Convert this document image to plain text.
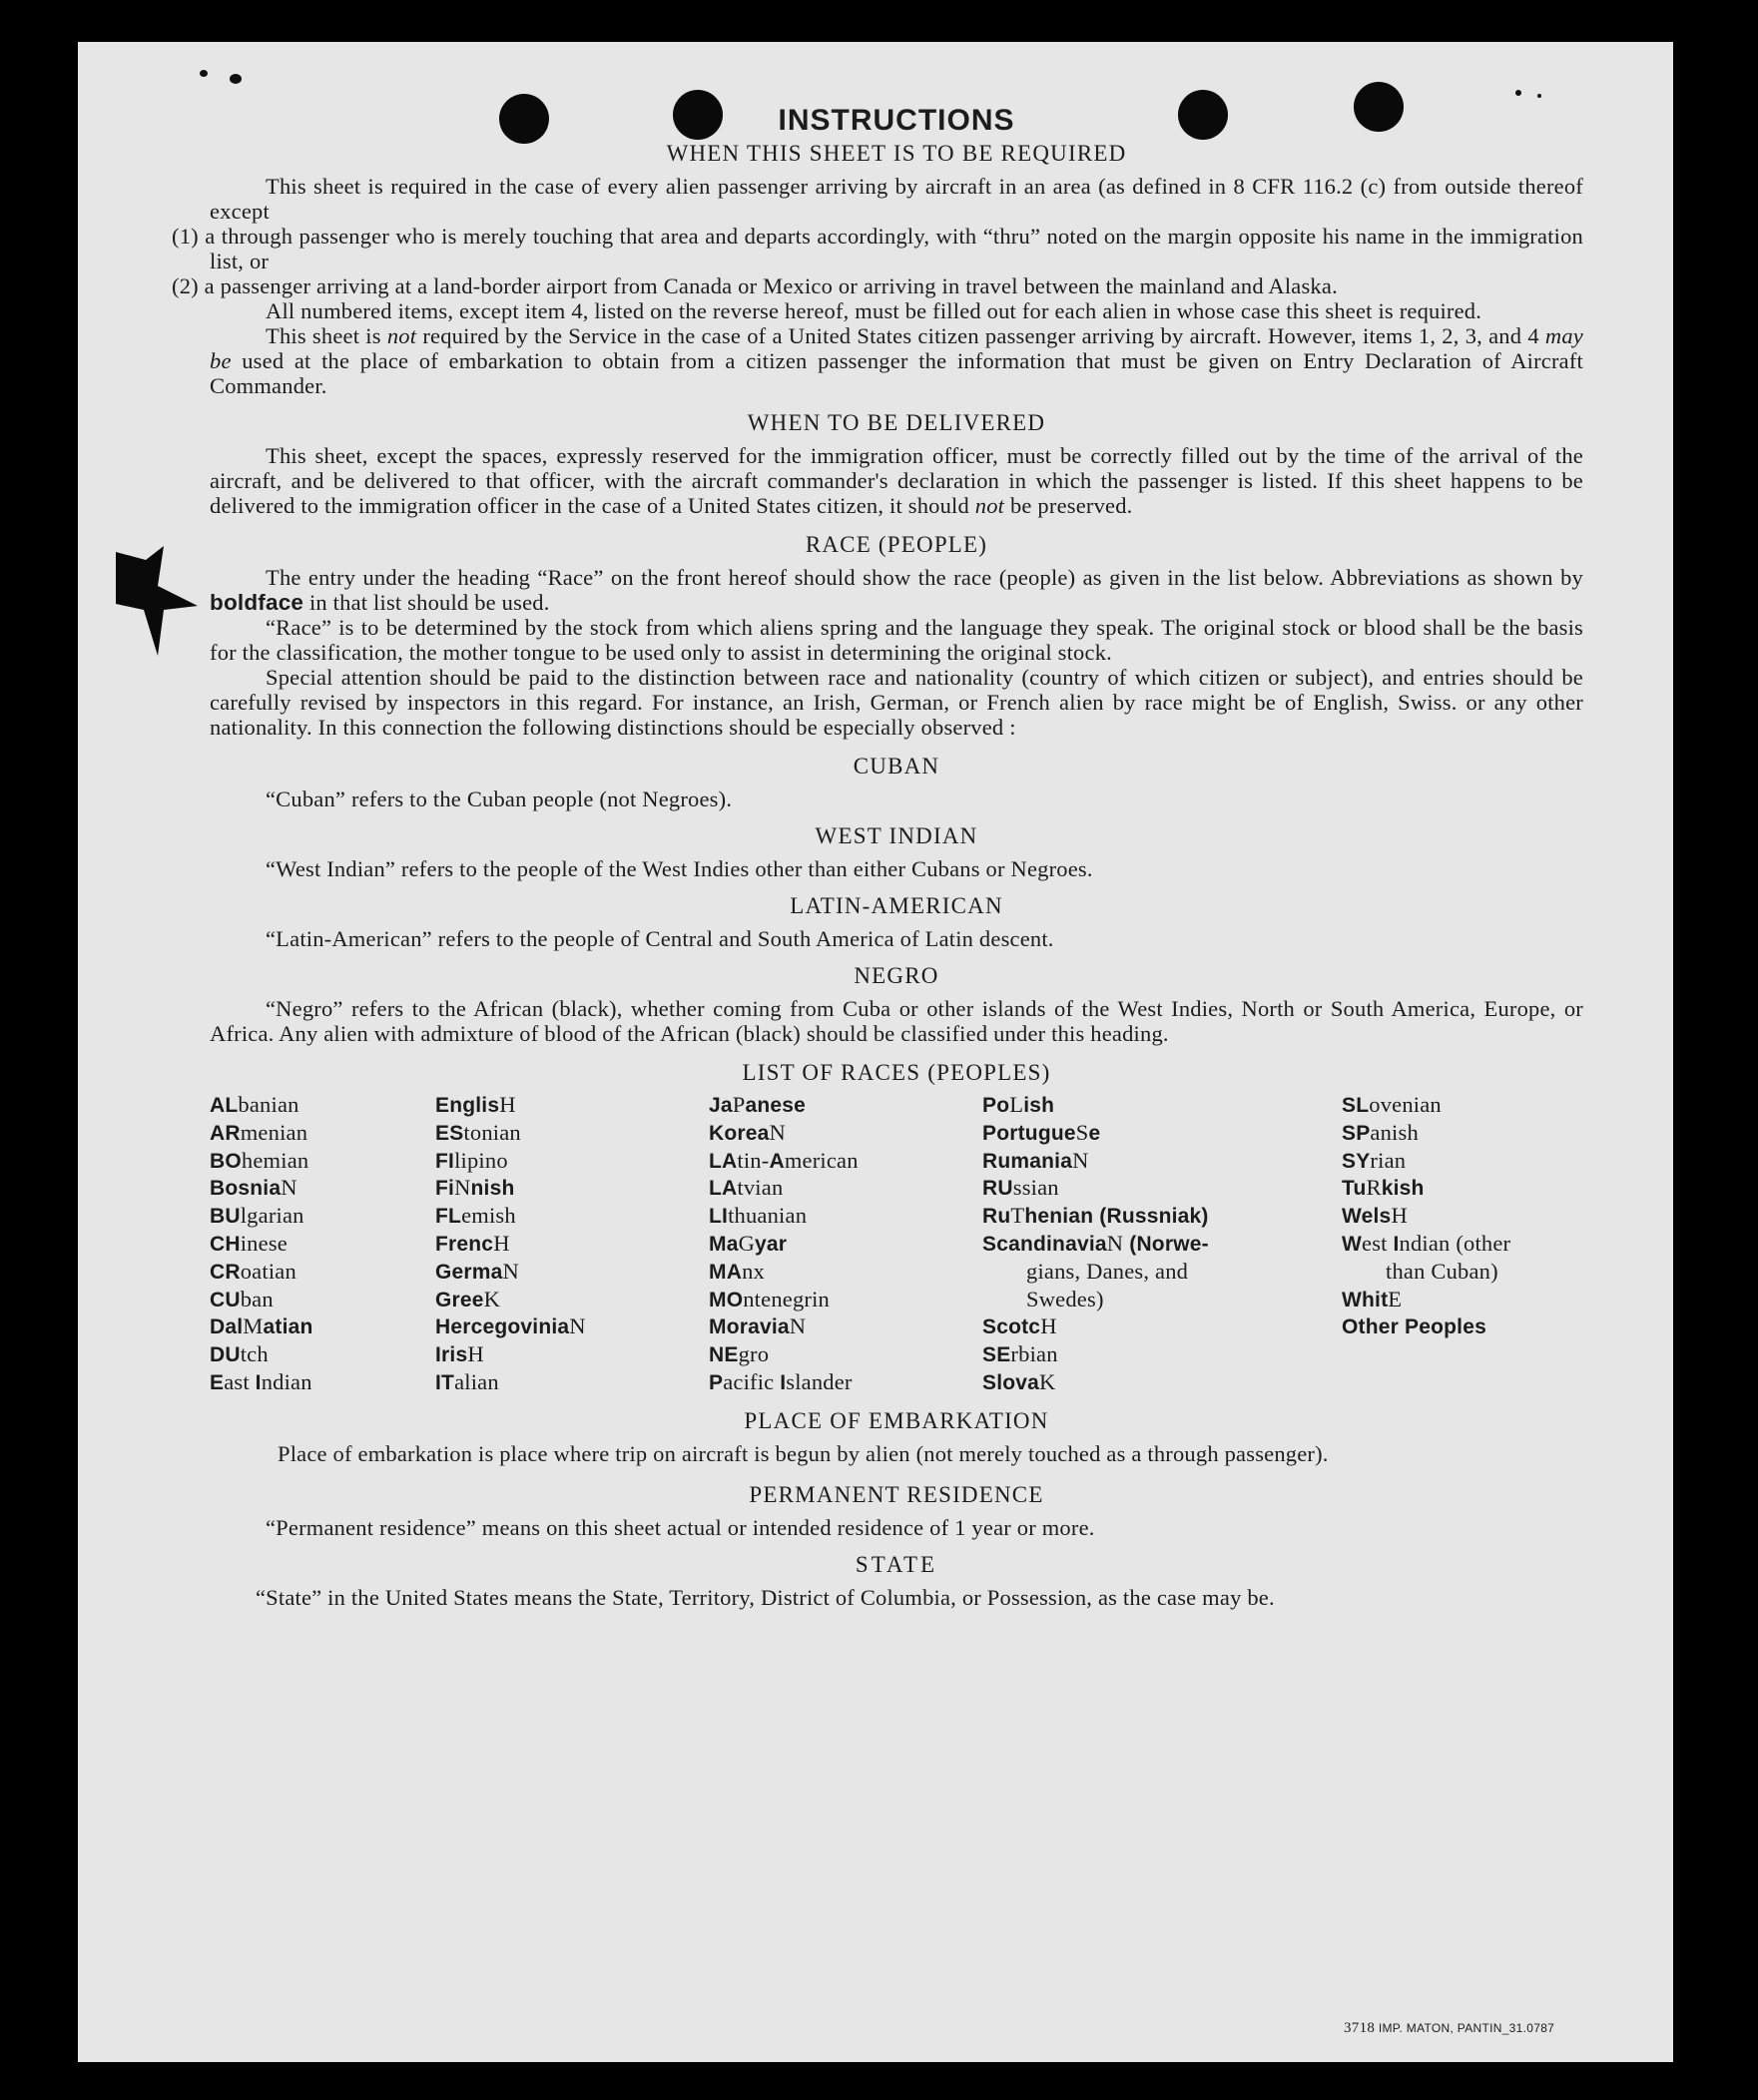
INSTRUCTIONS
WHEN THIS SHEET IS TO BE REQUIRED

This sheet is required in the case of every alien passenger arriving by aircraft in an area (as defined in 8 CFR 116.2 (c) from outside thereof except

(1) a through passenger who is merely touching that area and departs accordingly, with “thru” noted on the margin opposite his name in the immigration list, or

(2) a passenger arriving at a land-border airport from Canada or Mexico or arriving in travel between the mainland and Alaska.

All numbered items, except item 4, listed on the reverse hereof, must be filled out for each alien in whose case this sheet is required.

This sheet is not required by the Service in the case of a United States citizen passenger arriving by aircraft. However, items 1, 2, 3, and 4 may be used at the place of embarkation to obtain from a citizen passenger the information that must be given on Entry Declaration of Aircraft Commander.

WHEN TO BE DELIVERED

This sheet, except the spaces, expressly reserved for the immigration officer, must be correctly filled out by the time of the arrival of the aircraft, and be delivered to that officer, with the aircraft commander's declaration in which the passenger is listed. If this sheet happens to be delivered to the immigration officer in the case of a United States citizen, it should not be preserved.

RACE (PEOPLE)

The entry under the heading “Race” on the front hereof should show the race (people) as given in the list below. Abbreviations as shown by boldface in that list should be used.

“Race” is to be determined by the stock from which aliens spring and the language they speak. The original stock or blood shall be the basis for the classification, the mother tongue to be used only to assist in determining the original stock.

Special attention should be paid to the distinction between race and nationality (country of which citizen or subject), and entries should be carefully revised by inspectors in this regard. For instance, an Irish, German, or French alien by race might be of English, Swiss. or any other nationality. In this connection the following distinctions should be especially observed :

CUBAN

“Cuban” refers to the Cuban people (not Negroes).

WEST INDIAN

“West Indian” refers to the people of the West Indies other than either Cubans or Negroes.

LATIN-AMERICAN

“Latin-American” refers to the people of Central and South America of Latin descent.

NEGRO

“Negro” refers to the African (black), whether coming from Cuba or other islands of the West Indies, North or South America, Europe, or Africa. Any alien with admixture of blood of the African (black) should be classified under this heading.

LIST OF RACES (PEOPLES)
ALbanian
ARmenian
BOhemian
BosniaN
BUlgarian
CHinese
CRoatian
CUban
DalMatian
DUtch
East Indian
EnglisH
EStonian
FIlipino
FiNnish
FLemish
FrencH
GermaN
GreeK
HercegoviniaN
IrisH
ITalian
JaPanese
KoreaN
LAtin-American
LAtvian
LIthuanian
MaGyar
MAnx
MOntenegrin
MoraviaN
NEgro
Pacific Islander
PoLish
PortugueSe
RumaniaN
RUssian
RuThenian (Russniak)
ScandinaviaN (Norwe-
gians, Danes, and
Swedes)
ScotcH
SErbian
SlovaK
SLovenian
SPanish
SYrian
TuRkish
WelsH
West Indian (other
than Cuban)
WhitE
Other Peoples
PLACE OF EMBARKATION

Place of embarkation is place where trip on aircraft is begun by alien (not merely touched as a through passenger).

PERMANENT RESIDENCE

“Permanent residence” means on this sheet actual or intended residence of 1 year or more.

STATE

“State” in the United States means the State, Territory, District of Columbia, or Possession, as the case may be.

3718 IMP. MATON, PANTIN_31.0787
